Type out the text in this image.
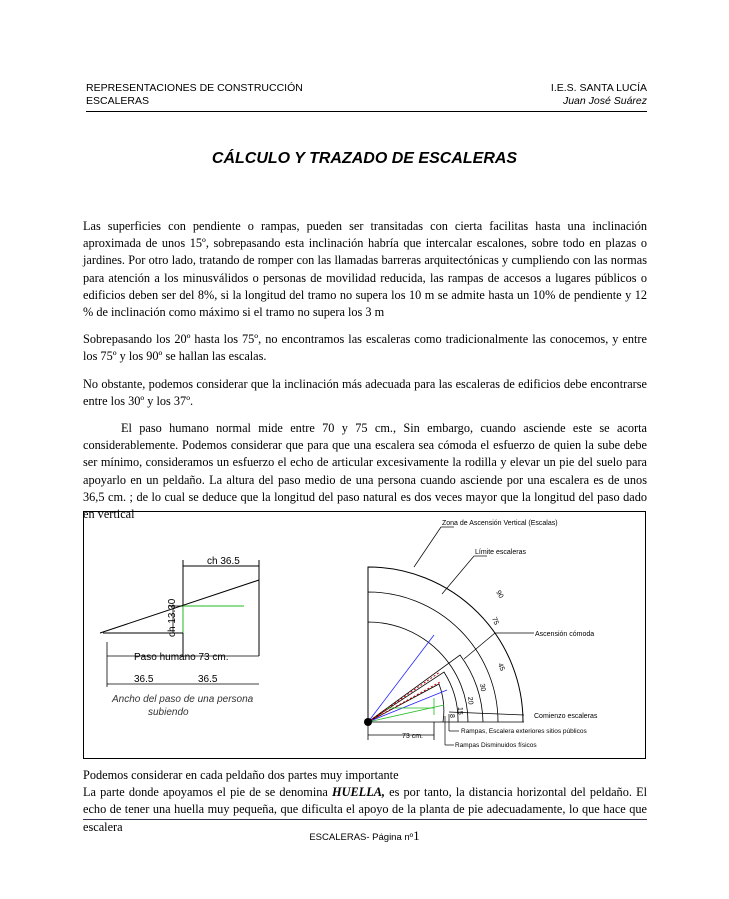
REPRESENTACIONES DE CONSTRUCCIÓN	I.E.S. SANTA LUCÍA
ESCALERAS	Juan José Suárez
CÁLCULO Y TRAZADO DE ESCALERAS

Las superficies con pendiente o rampas, pueden ser transitadas con cierta facilitas hasta una inclinación aproximada de unos 15º, sobrepasando esta inclinación habría que intercalar escalones, sobre todo en plazas o jardines. Por otro lado, tratando de romper con las llamadas barreras arquitectónicas y cumpliendo con las normas para atención a los minusválidos o personas de movilidad reducida, las rampas de accesos a lugares públicos o edificios deben ser del 8%, si la longitud del tramo no supera los 10 m se admite hasta un 10% de pendiente y 12 % de inclinación como máximo si el tramo no supera los 3 m

Sobrepasando los 20º hasta los 75º, no encontramos las escaleras como tradicionalmente las conocemos, y entre los 75º y los 90º se hallan las escalas.

No obstante, podemos considerar que la inclinación más adecuada para las escaleras de edificios debe encontrarse entre los 30º y los 37º.

El paso humano normal mide entre 70 y 75 cm., Sin embargo, cuando asciende este se acorta considerablemente. Podemos considerar que para que una escalera sea cómoda el esfuerzo de quien la sube debe ser mínimo, consideramos un esfuerzo el echo de articular excesivamente la rodilla y elevar un pie del suelo para apoyarlo en un peldaño. La altura del paso medio de una persona cuando asciende por una escalera es de unos 36,5 cm. ; de lo cual se deduce que la longitud del paso natural es dos veces mayor que la longitud del paso dado en vertical

ch 36.5
ch 13.30
Paso humano 73 cm.
36.5	36.5
Ancho del paso de una persona
subiendo
Zona de Ascensión Vertical (Escalas)
Límite escaleras
Ascensión cómoda
Comienzo escaleras
Rampas, Escalera exteriores sitios públicos
Rampas Disminuidos físicos
73 cm.
90
75
45
30
20
15
8

Podemos considerar en cada peldaño dos partes muy importante

La parte donde apoyamos el pie de se denomina HUELLA, es por tanto, la distancia horizontal del peldaño. El echo de tener una huella muy pequeña, que dificulta el apoyo de la planta de pie adecuadamente, lo que hace que escalera

ESCALERAS- Página nº1
